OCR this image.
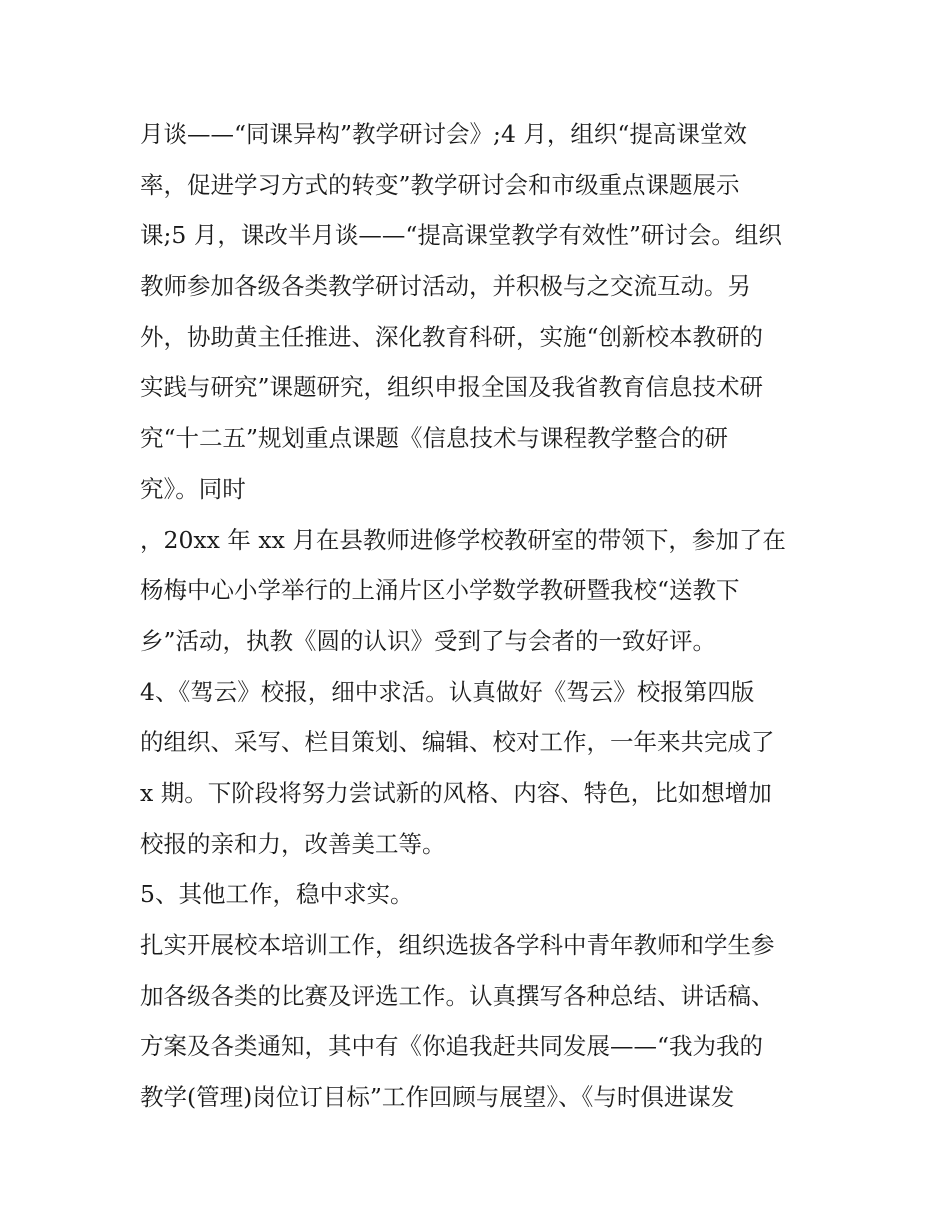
月谈——“同课异构”教学研讨会》;4 月，组织“提高课堂效
率，促进学习方式的转变”教学研讨会和市级重点课题展示
课;5 月，课改半月谈——“提高课堂教学有效性”研讨会。组织
教师参加各级各类教学研讨活动，并积极与之交流互动。另
外，协助黄主任推进、深化教育科研，实施“创新校本教研的
实践与研究”课题研究，组织申报全国及我省教育信息技术研
究“十二五”规划重点课题《信息技术与课程教学整合的研
究》。同时
，20xx 年 xx 月在县教师进修学校教研室的带领下，参加了在
杨梅中心小学举行的上涌片区小学数学教研暨我校“送教下
乡”活动，执教《圆的认识》受到了与会者的一致好评。
4、《驾云》校报，细中求活。认真做好《驾云》校报第四版
的组织、采写、栏目策划、编辑、校对工作，一年来共完成了
x 期。下阶段将努力尝试新的风格、内容、特色，比如想增加
校报的亲和力，改善美工等。
5、其他工作，稳中求实。
扎实开展校本培训工作，组织选拔各学科中青年教师和学生参
加各级各类的比赛及评选工作。认真撰写各种总结、讲话稿、
方案及各类通知，其中有《你追我赶共同发展——“我为我的
教学(管理)岗位订目标”工作回顾与展望》、《与时俱进谋发
